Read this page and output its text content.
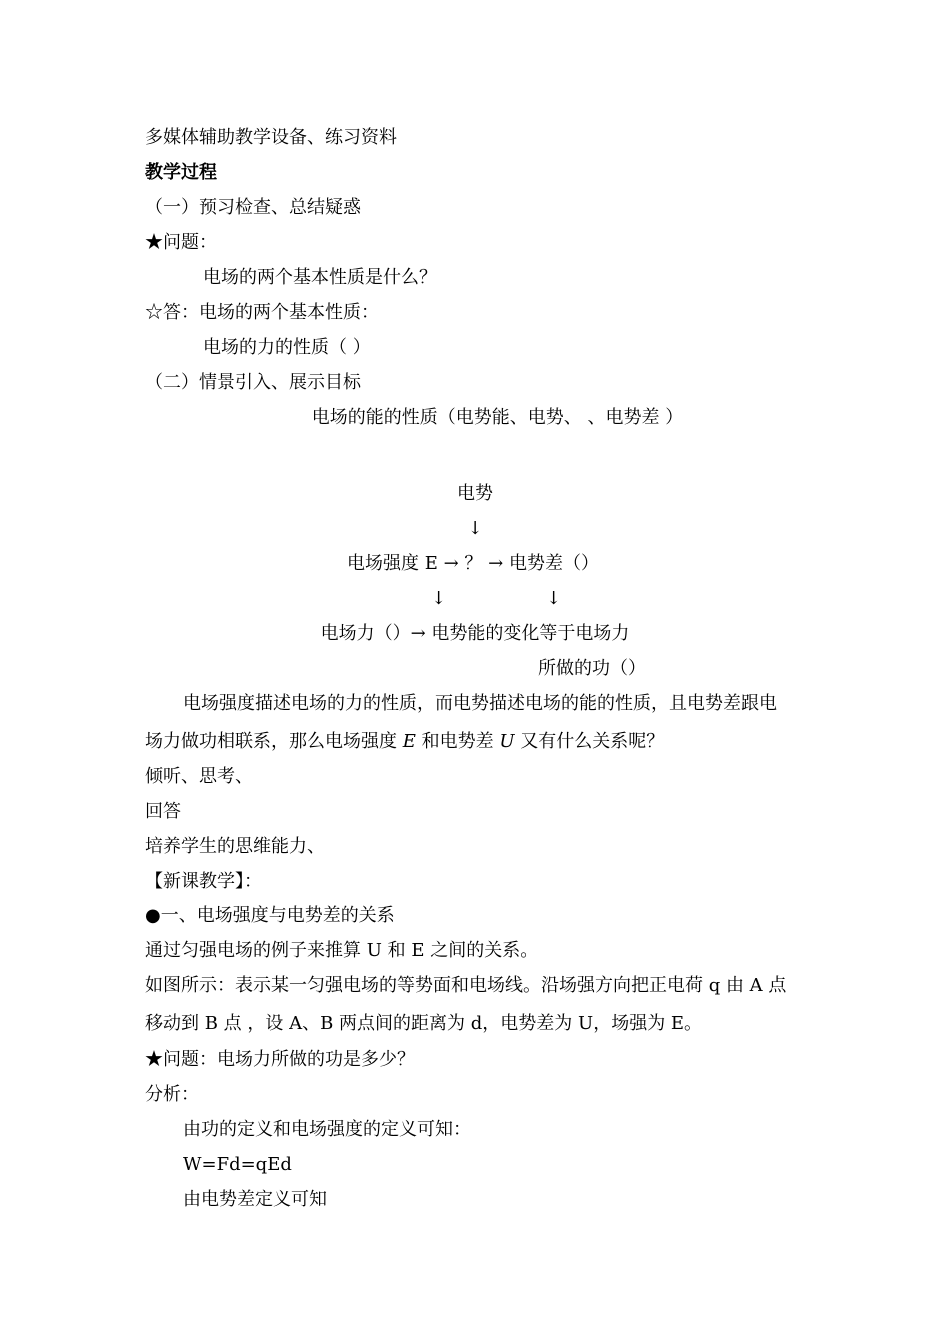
多媒体辅助教学设备、练习资料
教学过程
（一）预习检查、总结疑惑
★问题：
电场的两个基本性质是什么？
☆答：电场的两个基本性质：
电场的力的性质（ ）
（二）情景引入、展示目标
电场的能的性质（电势能、电势、 、电势差 ）
电势
↓
电场强度 E → ？ → 电势差（）
↓	↓
电场力（）→ 电势能的变化等于电场力
所做的功（）
电场强度描述电场的力的性质，而电势描述电场的能的性质，且电势差跟电
场力做功相联系，那么电场强度 E 和电势差 U 又有什么关系呢？
倾听、思考、
回答
培养学生的思维能力、
【新课教学】：
●一、电场强度与电势差的关系
通过匀强电场的例子来推算 U 和 E 之间的关系。
如图所示：表示某一匀强电场的等势面和电场线。沿场强方向把正电荷 q 由 A 点
移动到 B 点 ，设 A、B 两点间的距离为 d，电势差为 U，场强为 E。
★问题：电场力所做的功是多少？
分析：
由功的定义和电场强度的定义可知：
W=Fd=qEd
由电势差定义可知
